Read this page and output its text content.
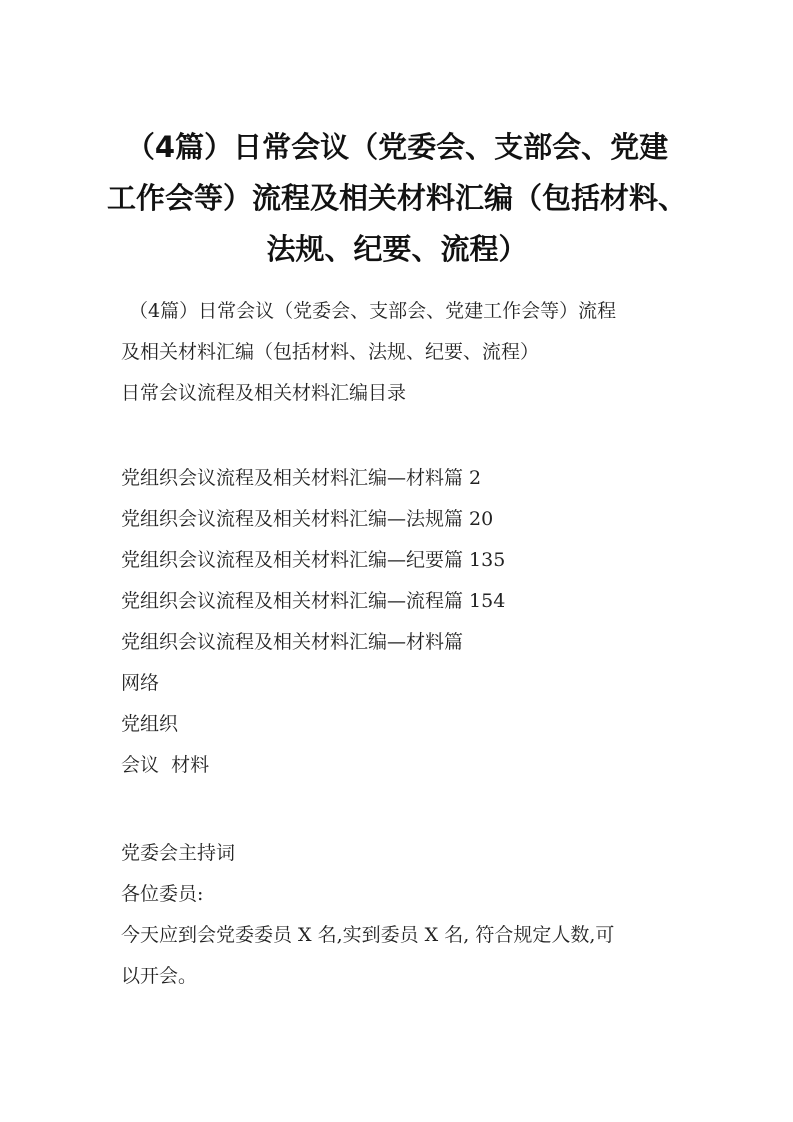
（4篇）日常会议（党委会、支部会、党建
工作会等）流程及相关材料汇编（包括材料、
法规、纪要、流程）
（4篇）日常会议（党委会、支部会、党建工作会等）流程
及相关材料汇编（包括材料、法规、纪要、流程）
日常会议流程及相关材料汇编目录
党组织会议流程及相关材料汇编—材料篇 2
党组织会议流程及相关材料汇编—法规篇 20
党组织会议流程及相关材料汇编—纪要篇 135
党组织会议流程及相关材料汇编—流程篇 154
党组织会议流程及相关材料汇编—材料篇
网络
党组织
会议  材料
党委会主持词
各位委员:
今天应到会党委委员 X 名,实到委员 X 名, 符合规定人数,可
以开会。
